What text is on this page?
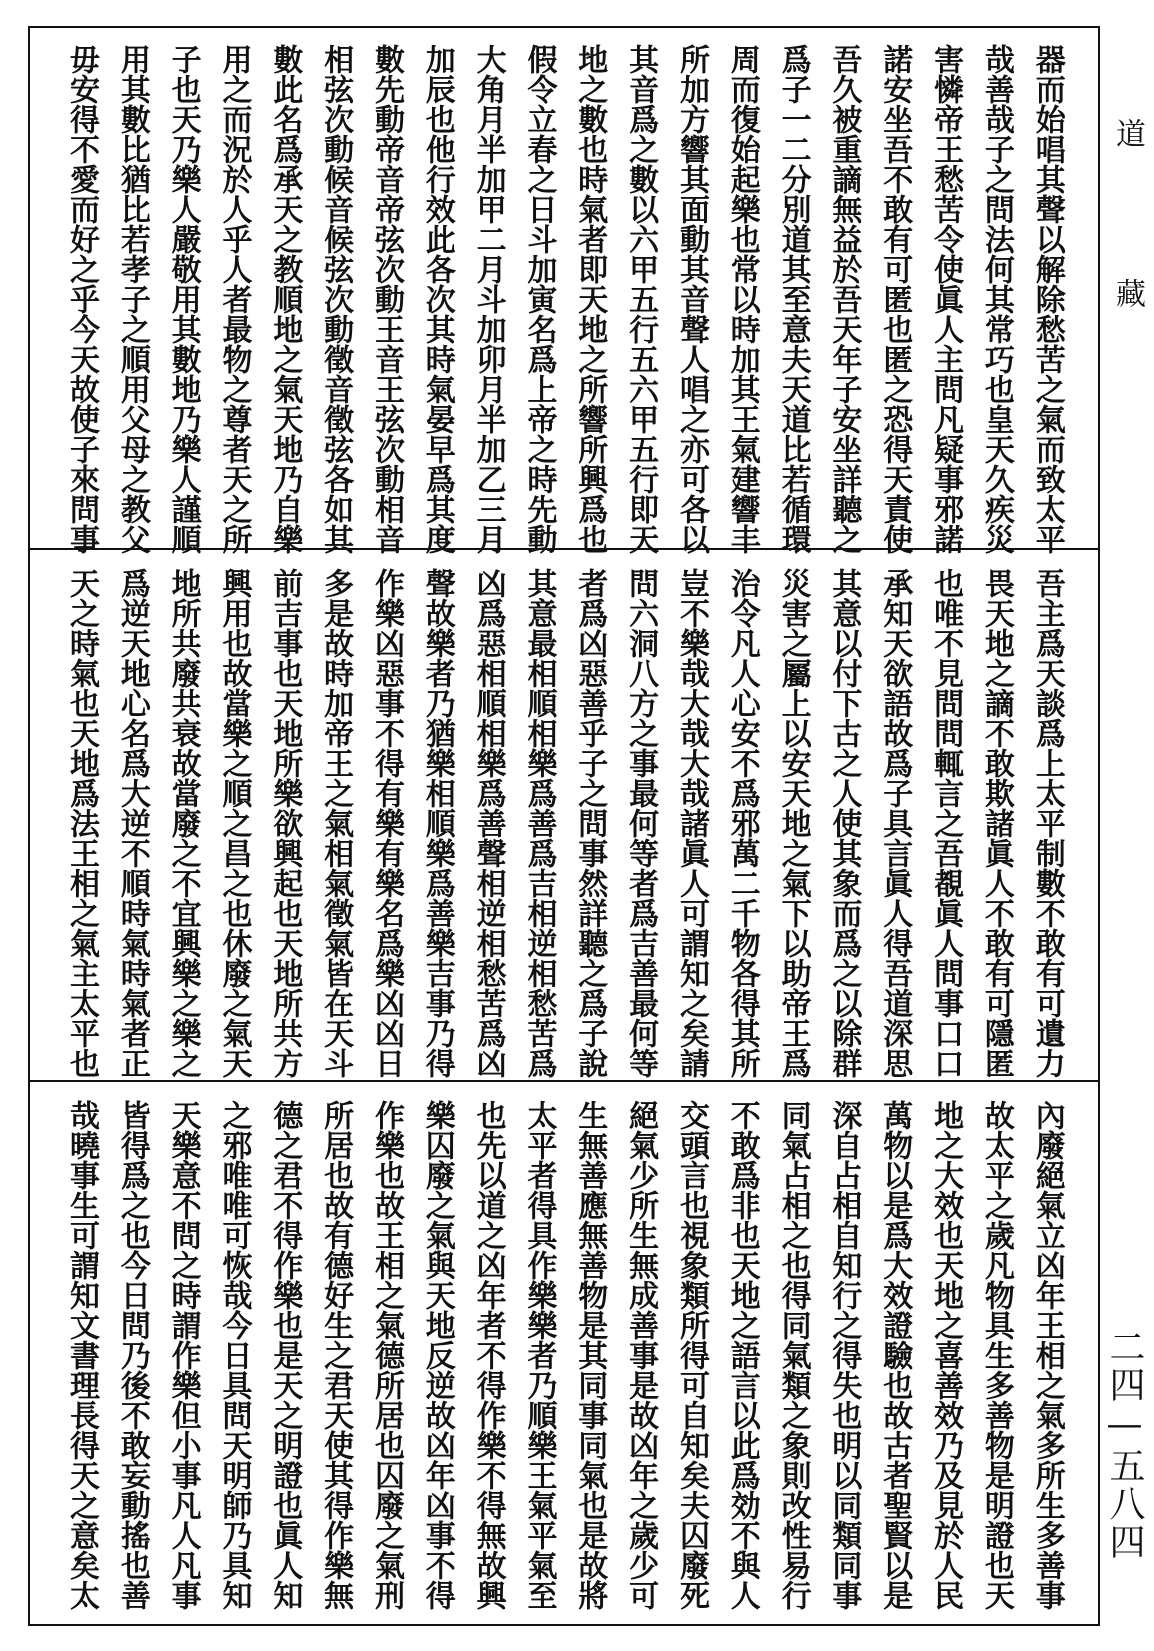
器而始唱其聲以解除愁苦之氣而致太平
哉善哉子之問法何其常巧也皇天久疾災
害憐帝王愁苦令使眞人主問凡疑事邪諾
諾安坐吾不敢有可匿也匿之恐得天責使
吾久被重謫無益於吾天年子安坐詳聽之
爲子一二分別道其至意夫天道比若循環
周而復始起樂也常以時加其王氣建響丰
所加方響其面動其音聲人唱之亦可各以
其音爲之數以六甲五行五六甲五行即天
地之數也時氣者即天地之所響所興爲也
假令立春之日斗加寅名爲上帝之時先動
大角月半加甲二月斗加卯月半加乙三月
加辰也他行效此各次其時氣晏早爲其度
數先動帝音帝弦次動王音王弦次動相音
相弦次動候音候弦次動徵音徵弦各如其
數此名爲承天之教順地之氣天地乃自樂
用之而況於人乎人者最物之尊者天之所
子也天乃樂人嚴敬用其數地乃樂人謹順
用其數比猶比若孝子之順用父母之教父
毋安得不愛而好之乎今天故使子來問事
吾主爲天談爲上太平制數不敢有可遺力
畏天地之謫不敢欺諸眞人不敢有可隱匿
也唯不見問問輒言之吾覩眞人問事口口
承知天欲語故爲子具言眞人得吾道深思
其意以付下古之人使其象而爲之以除群
災害之屬上以安天地之氣下以助帝王爲
治令凡人心安不爲邪萬二千物各得其所
豈不樂哉大哉大哉諸眞人可謂知之矣請
問六洞八方之事最何等者爲吉善最何等
者爲凶惡善乎子之問事然詳聽之爲子說
其意最相順相樂爲善爲吉相逆相愁苦爲
凶爲惡相順相樂爲善聲相逆相愁苦爲凶
聲故樂者乃猶樂相順樂爲善樂吉事乃得
作樂凶惡事不得有樂有樂名爲樂凶凶日
多是故時加帝王之氣相氣徵氣皆在天斗
前吉事也天地所樂欲興起也天地所共方
興用也故當樂之順之昌之也休廢之氣天
地所共廢共衰故當廢之不宜興樂之樂之
爲逆天地心名爲大逆不順時氣時氣者正
天之時氣也天地爲法王相之氣主太平也
內廢絕氣立凶年王相之氣多所生多善事
故太平之歲凡物具生多善物是明證也天
地之大效也天地之喜善效乃及見於人民
萬物以是爲大效證驗也故古者聖賢以是
深自占相自知行之得失也明以同類同事
同氣占相之也得同氣類之象則改性易行
不敢爲非也天地之語言以此爲効不與人
交頭言也視象類所得可自知矣夫囚廢死
絕氣少所生無成善事是故凶年之歲少可
生無善應無善物是其同事同氣也是故將
太平者得具作樂樂者乃順樂王氣平氣至
也先以道之凶年者不得作樂不得無故興
樂囚廢之氣與天地反逆故凶年凶事不得
作樂也故王相之氣德所居也囚廢之氣刑
所居也故有德好生之君天使其得作樂無
德之君不得作樂也是天之明證也眞人知
之邪唯唯可恢哉今日具問天明師乃具知
天樂意不問之時謂作樂但小事凡人凡事
皆得爲之也今日問乃後不敢妄動搖也善
哉曉事生可謂知文書理長得天之意矣太
道藏
二四—五八四
